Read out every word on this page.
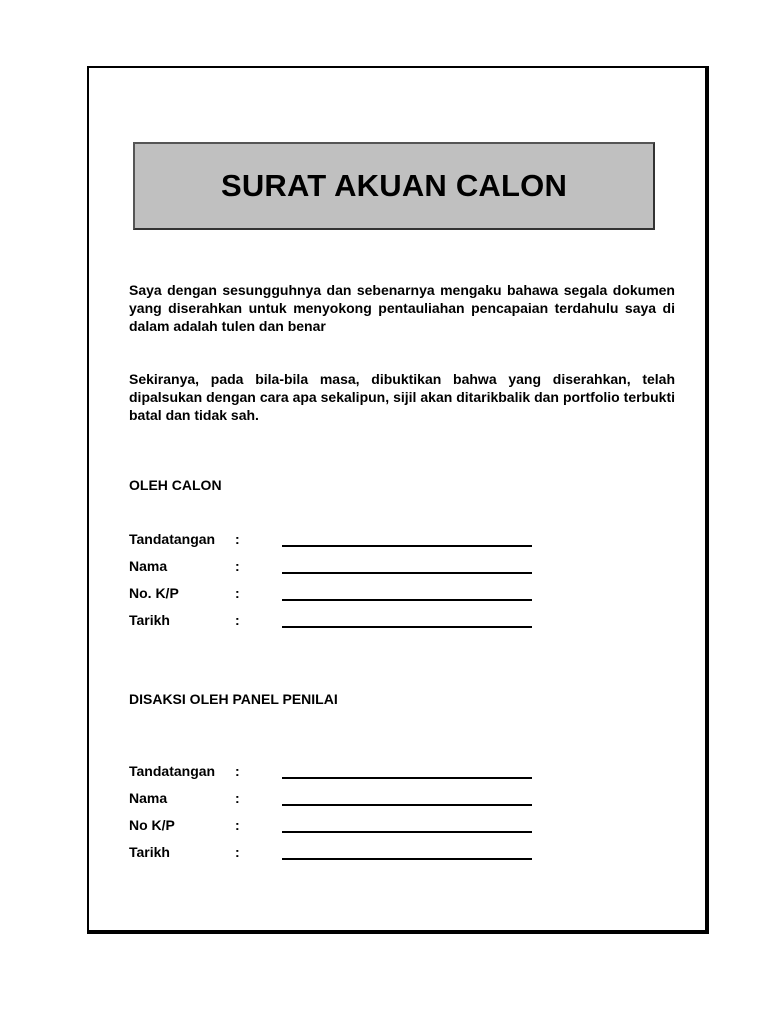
SURAT AKUAN CALON
Saya dengan sesungguhnya dan sebenarnya mengaku bahawa segala dokumen yang diserahkan untuk menyokong pentauliahan pencapaian terdahulu saya di dalam adalah tulen dan benar
Sekiranya, pada bila-bila masa, dibuktikan bahwa yang diserahkan, telah dipalsukan dengan cara apa sekalipun, sijil akan ditarikbalik dan portfolio terbukti batal dan tidak sah.
OLEH CALON
Tandatangan :
Nama	:
No. K/P	:
Tarikh	:
DISAKSI OLEH PANEL PENILAI
Tandatangan :
Nama	:
No K/P	:
Tarikh	:
